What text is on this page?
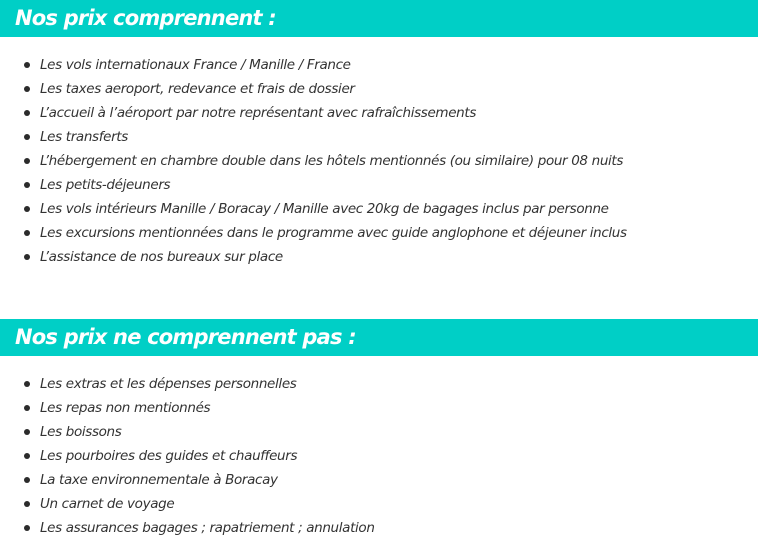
Nos prix comprennent :
Les vols internationaux France / Manille / France
Les taxes aeroport, redevance et frais de dossier
L’accueil à l’aéroport par notre représentant avec rafraîchissements
Les transferts
L’hébergement en chambre double dans les hôtels mentionnés (ou similaire) pour 08 nuits
Les petits-déjeuners
Les vols intérieurs Manille / Boracay / Manille avec 20kg de bagages inclus par personne
Les excursions mentionnées dans le programme avec guide anglophone et déjeuner inclus
L’assistance de nos bureaux sur place
Nos prix ne comprennent pas :
Les extras et les dépenses personnelles
Les repas non mentionnés
Les boissons
Les pourboires des guides et chauffeurs
La taxe environnementale à Boracay
Un carnet de voyage
Les assurances bagages ; rapatriement ; annulation
